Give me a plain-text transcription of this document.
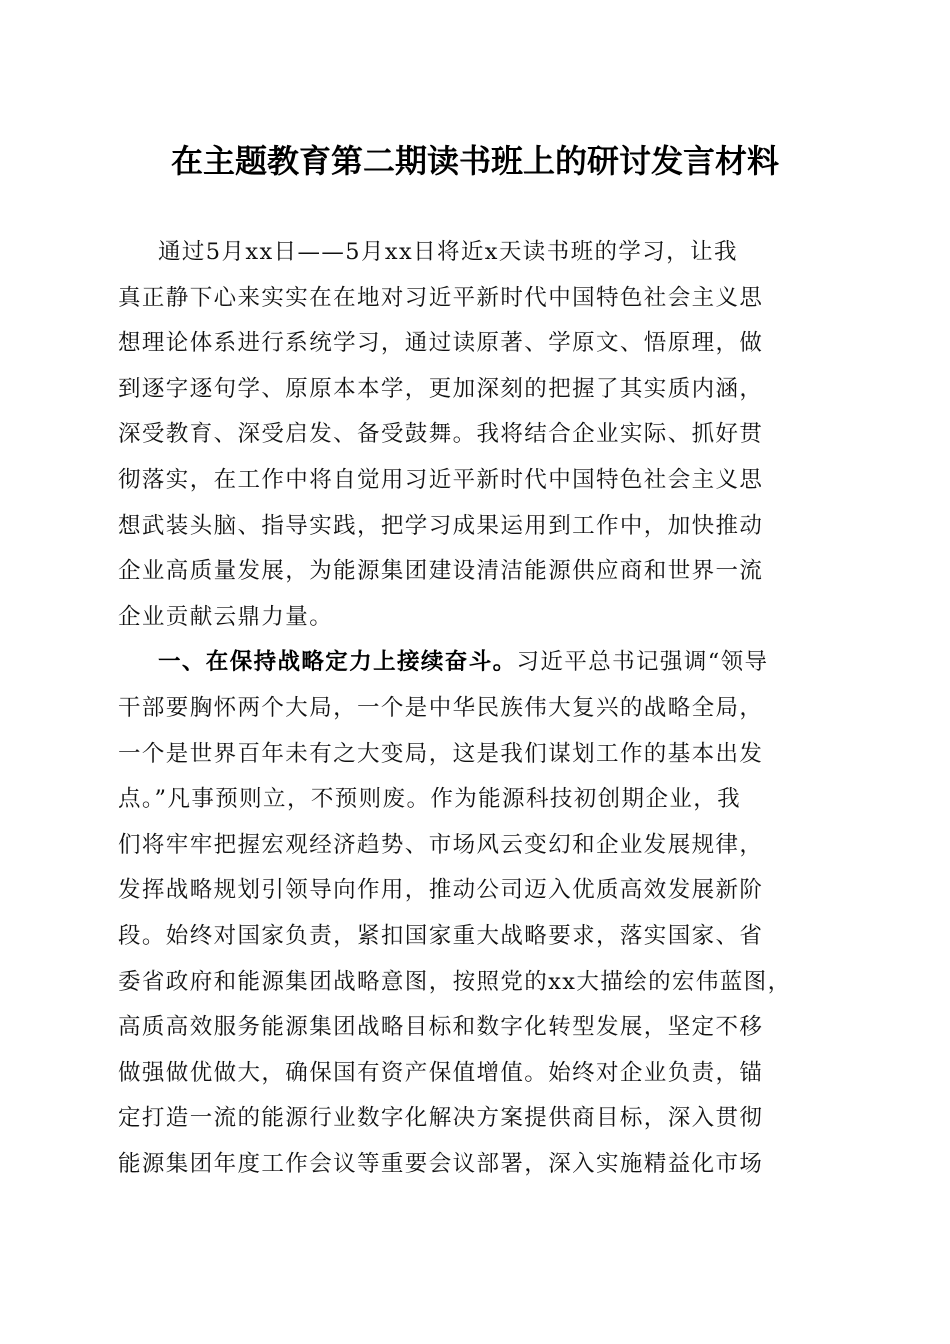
在主题教育第二期读书班上的研讨发言材料
通过5月xx日——5月xx日将近x天读书班的学习，让我
真正静下心来实实在在地对习近平新时代中国特色社会主义思
想理论体系进行系统学习，通过读原著、学原文、悟原理，做
到逐字逐句学、原原本本学，更加深刻的把握了其实质内涵，
深受教育、深受启发、备受鼓舞。我将结合企业实际、抓好贯
彻落实，在工作中将自觉用习近平新时代中国特色社会主义思
想武装头脑、指导实践，把学习成果运用到工作中，加快推动
企业高质量发展，为能源集团建设清洁能源供应商和世界一流
企业贡献云鼎力量。
一、在保持战略定力上接续奋斗。习近平总书记强调“领导
干部要胸怀两个大局，一个是中华民族伟大复兴的战略全局，
一个是世界百年未有之大变局，这是我们谋划工作的基本出发
点。”凡事预则立，不预则废。作为能源科技初创期企业，我
们将牢牢把握宏观经济趋势、市场风云变幻和企业发展规律，
发挥战略规划引领导向作用，推动公司迈入优质高效发展新阶
段。始终对国家负责，紧扣国家重大战略要求，落实国家、省
委省政府和能源集团战略意图，按照党的xx大描绘的宏伟蓝图，
高质高效服务能源集团战略目标和数字化转型发展，坚定不移
做强做优做大，确保国有资产保值增值。始终对企业负责，锚
定打造一流的能源行业数字化解决方案提供商目标，深入贯彻
能源集团年度工作会议等重要会议部署，深入实施精益化市场
